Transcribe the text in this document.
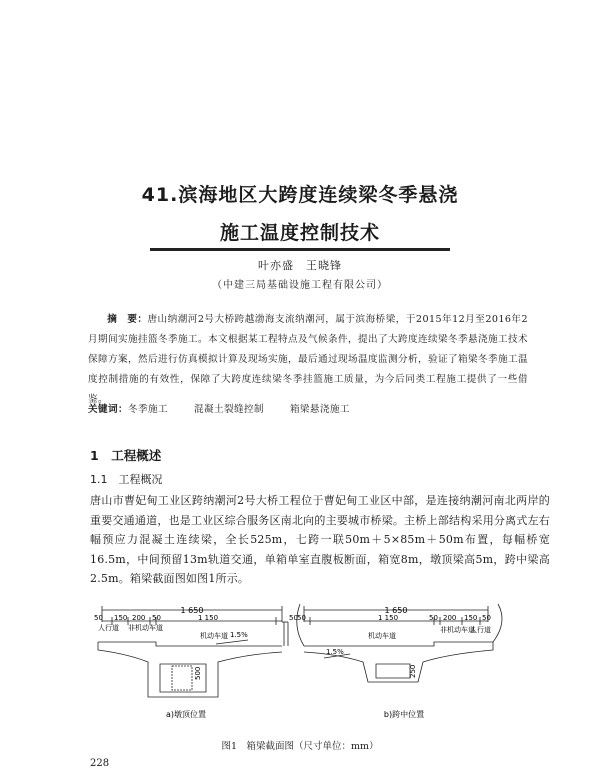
41.滨海地区大跨度连续梁冬季悬浇
施工温度控制技术
叶亦盛　王晓锋
（中建三局基础设施工程有限公司）
摘　要：唐山纳潮河2号大桥跨越渤海支流纳潮河，属于滨海桥梁，于2015年12月至2016年2月期间实施挂篮冬季施工。本文根据某工程特点及气候条件，提出了大跨度连续梁冬季悬浇施工技术保障方案，然后进行仿真模拟计算及现场实施，最后通过现场温度监测分析，验证了箱梁冬季施工温度控制措施的有效性，保障了大跨度连续梁冬季挂篮施工质量，为今后同类工程施工提供了一些借鉴。
关键词：冬季施工	混凝土裂缝控制	箱梁悬浇施工
1　工程概述
1.1　工程概况
唐山市曹妃甸工业区跨纳潮河2号大桥工程位于曹妃甸工业区中部，是连接纳潮河南北两岸的重要交通通道，也是工业区综合服务区南北向的主要城市桥梁。主桥上部结构采用分离式左右幅预应力混凝土连续梁，全长525m，七跨一联50m＋5×85m＋50m布置，每幅桥宽16.5m，中间预留13m轨道交通，单箱单室直腹板断面，箱宽8m，墩顶梁高5m，跨中梁高2.5m。箱梁截面图如图1所示。
1 650
50 150 200 50	1 150	50
人行道 非机动车道
机动车道 1.5%
500
a)墩顶位置
1 650
50	1 150	50 200 150 50
机动车道
非机动车道
人行道
1.5%
250
b)跨中位置
图1　箱梁截面图（尺寸单位：mm）
228
